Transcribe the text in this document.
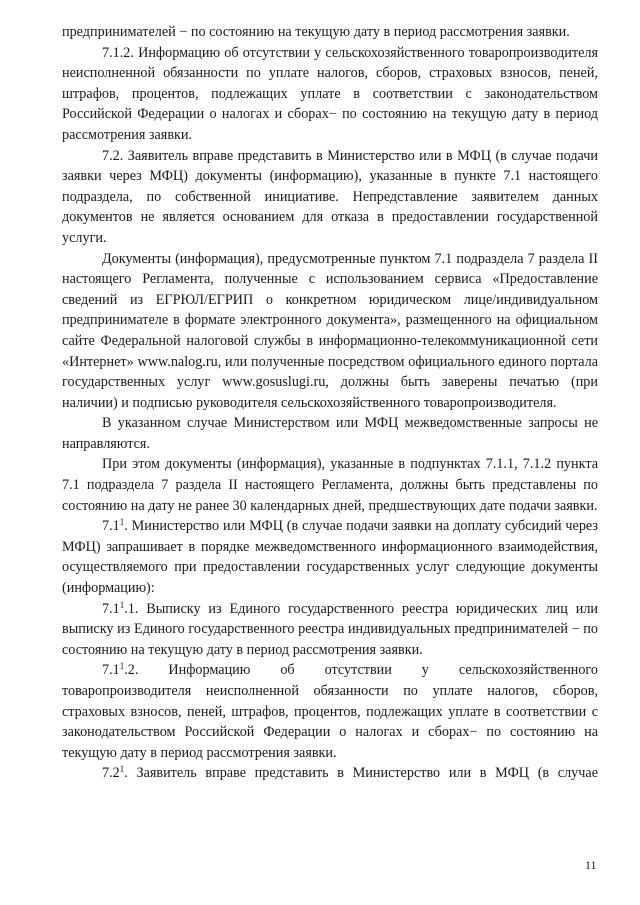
предпринимателей − по состоянию на текущую дату в период рассмотрения заявки.

7.1.2. Информацию об отсутствии у сельскохозяйственного товаропроизводителя неисполненной обязанности по уплате налогов, сборов, страховых взносов, пеней, штрафов, процентов, подлежащих уплате в соответствии с законодательством Российской Федерации о налогах и сборах− по состоянию на текущую дату в период рассмотрения заявки.

7.2. Заявитель вправе представить в Министерство или в МФЦ (в случае подачи заявки через МФЦ) документы (информацию), указанные в пункте 7.1 настоящего подраздела, по собственной инициативе. Непредставление заявителем данных документов не является основанием для отказа в предоставлении государственной услуги.

Документы (информация), предусмотренные пунктом 7.1 подраздела 7 раздела II настоящего Регламента, полученные с использованием сервиса «Предоставление сведений из ЕГРЮЛ/ЕГРИП о конкретном юридическом лице/индивидуальном предпринимателе в формате электронного документа», размещенного на официальном сайте Федеральной налоговой службы в информационно-телекоммуникационной сети «Интернет» www.nalog.ru, или полученные посредством официального единого портала государственных услуг www.gosuslugi.ru, должны быть заверены печатью (при наличии) и подписью руководителя сельскохозяйственного товаропроизводителя.

В указанном случае Министерством или МФЦ межведомственные запросы не направляются.

При этом документы (информация), указанные в подпунктах 7.1.1, 7.1.2 пункта 7.1 подраздела 7 раздела II настоящего Регламента, должны быть представлены по состоянию на дату не ранее 30 календарных дней, предшествующих дате подачи заявки.

$7.1^1$. Министерство или МФЦ (в случае подачи заявки на доплату субсидий через МФЦ) запрашивает в порядке межведомственного информационного взаимодействия, осуществляемого при предоставлении государственных услуг следующие документы (информацию):

$7.1^1.1$. Выписку из Единого государственного реестра юридических лиц или выписку из Единого государственного реестра индивидуальных предпринимателей − по состоянию на текущую дату в период рассмотрения заявки.

$7.1^1.2$. Информацию об отсутствии у сельскохозяйственного товаропроизводителя неисполненной обязанности по уплате налогов, сборов, страховых взносов, пеней, штрафов, процентов, подлежащих уплате в соответствии с законодательством Российской Федерации о налогах и сборах− по состоянию на текущую дату в период рассмотрения заявки.

$7.2^1$. Заявитель вправе представить в Министерство или в МФЦ (в случае

11
